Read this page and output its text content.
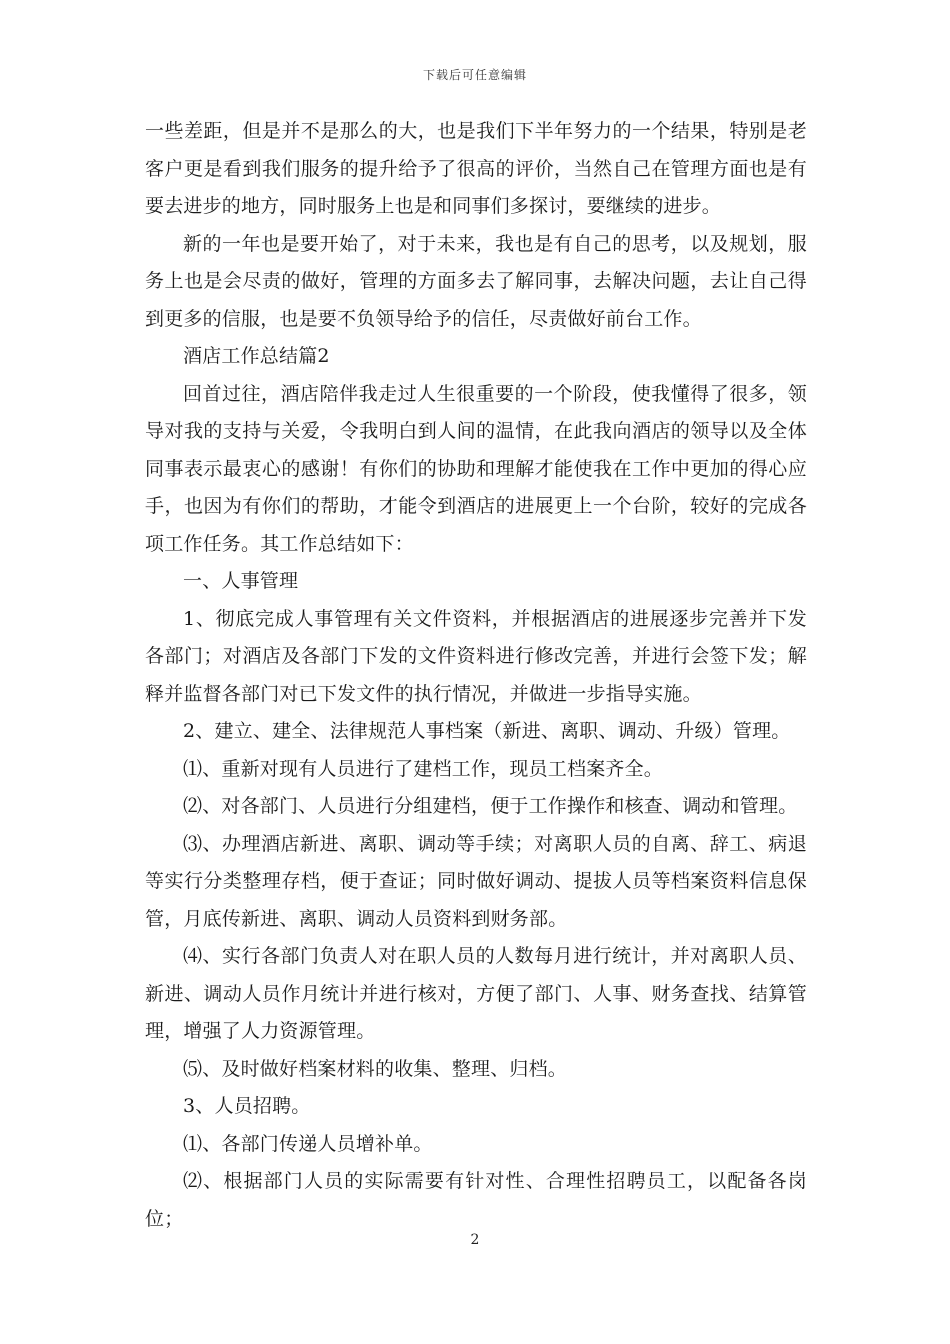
下载后可任意编辑

一些差距，但是并不是那么的大，也是我们下半年努力的一个结果，特别是老客户更是看到我们服务的提升给予了很高的评价，当然自己在管理方面也是有要去进步的地方，同时服务上也是和同事们多探讨，要继续的进步。

新的一年也是要开始了，对于未来，我也是有自己的思考，以及规划，服务上也是会尽责的做好，管理的方面多去了解同事，去解决问题，去让自己得到更多的信服，也是要不负领导给予的信任，尽责做好前台工作。

酒店工作总结篇2

回首过往，酒店陪伴我走过人生很重要的一个阶段，使我懂得了很多，领导对我的支持与关爱，令我明白到人间的温情，在此我向酒店的领导以及全体同事表示最衷心的感谢！有你们的协助和理解才能使我在工作中更加的得心应手，也因为有你们的帮助，才能令到酒店的进展更上一个台阶，较好的完成各项工作任务。其工作总结如下：

一、人事管理

1、彻底完成人事管理有关文件资料，并根据酒店的进展逐步完善并下发各部门；对酒店及各部门下发的文件资料进行修改完善，并进行会签下发；解释并监督各部门对已下发文件的执行情况，并做进一步指导实施。

2、建立、建全、法律规范人事档案（新进、离职、调动、升级）管理。

⑴、重新对现有人员进行了建档工作，现员工档案齐全。

⑵、对各部门、人员进行分组建档，便于工作操作和核查、调动和管理。

⑶、办理酒店新进、离职、调动等手续；对离职人员的自离、辞工、病退等实行分类整理存档，便于查证；同时做好调动、提拔人员等档案资料信息保管，月底传新进、离职、调动人员资料到财务部。

⑷、实行各部门负责人对在职人员的人数每月进行统计，并对离职人员、新进、调动人员作月统计并进行核对，方便了部门、人事、财务查找、结算管理，增强了人力资源管理。

⑸、及时做好档案材料的收集、整理、归档。

3、人员招聘。

⑴、各部门传递人员增补单。

⑵、根据部门人员的实际需要有针对性、合理性招聘员工，以配备各岗位；

2
